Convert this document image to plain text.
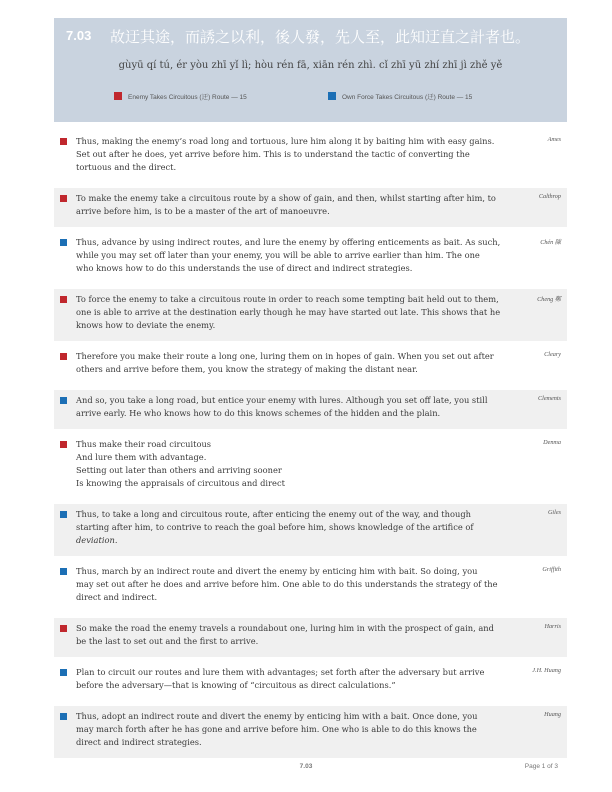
7.03 故迂其途，而誘之以利，後人發，先人至，此知迂直之計者也。
gùyū qí tú, ér yòu zhī yǐ lì; hòu rén fā, xiān rén zhì. cǐ zhī yū zhí zhī jì zhě yě
Enemy Takes Circuitous (迂) Route — 15	Own Force Takes Circuitous (迂) Route — 15
Thus, making the enemy’s road long and tortuous, lure him along it by baiting him with easy gains.
Set out after he does, yet arrive before him. This is to understand the tactic of converting the
tortuous and the direct.
Ames
To make the enemy take a circuitous route by a show of gain, and then, whilst starting after him, to
arrive before him, is to be a master of the art of manoeuvre.
Calthrop
Thus, advance by using indirect routes, and lure the enemy by offering enticements as bait. As such,
while you may set off later than your enemy, you will be able to arrive earlier than him. The one
who knows how to do this understands the use of direct and indirect strategies.
Chén 陳
To force the enemy to take a circuitous route in order to reach some tempting bait held out to them,
one is able to arrive at the destination early though he may have started out late. This shows that he
knows how to deviate the enemy.
Cheng 鄭
Therefore you make their route a long one, luring them on in hopes of gain. When you set out after
others and arrive before them, you know the strategy of making the distant near.
Cleary
And so, you take a long road, but entice your enemy with lures. Although you set off late, you still
arrive early. He who knows how to do this knows schemes of the hidden and the plain.
Clements
Thus make their road circuitous
And lure them with advantage.
Setting out later than others and arriving sooner
Is knowing the appraisals of circuitous and direct
Denma
Thus, to take a long and circuitous route, after enticing the enemy out of the way, and though
starting after him, to contrive to reach the goal before him, shows knowledge of the artifice of
deviation.
Giles
Thus, march by an indirect route and divert the enemy by enticing him with bait. So doing, you
may set out after he does and arrive before him. One able to do this understands the strategy of the
direct and indirect.
Griffith
So make the road the enemy travels a roundabout one, luring him in with the prospect of gain, and
be the last to set out and the first to arrive.
Harris
Plan to circuit our routes and lure them with advantages; set forth after the adversary but arrive
before the adversary—that is knowing of “circuitous as direct calculations.”
J.H. Huang
Thus, adopt an indirect route and divert the enemy by enticing him with a bait. Once done, you
may march forth after he has gone and arrive before him. One who is able to do this knows the
direct and indirect strategies.
Huang
7.03	Page 1 of 3
